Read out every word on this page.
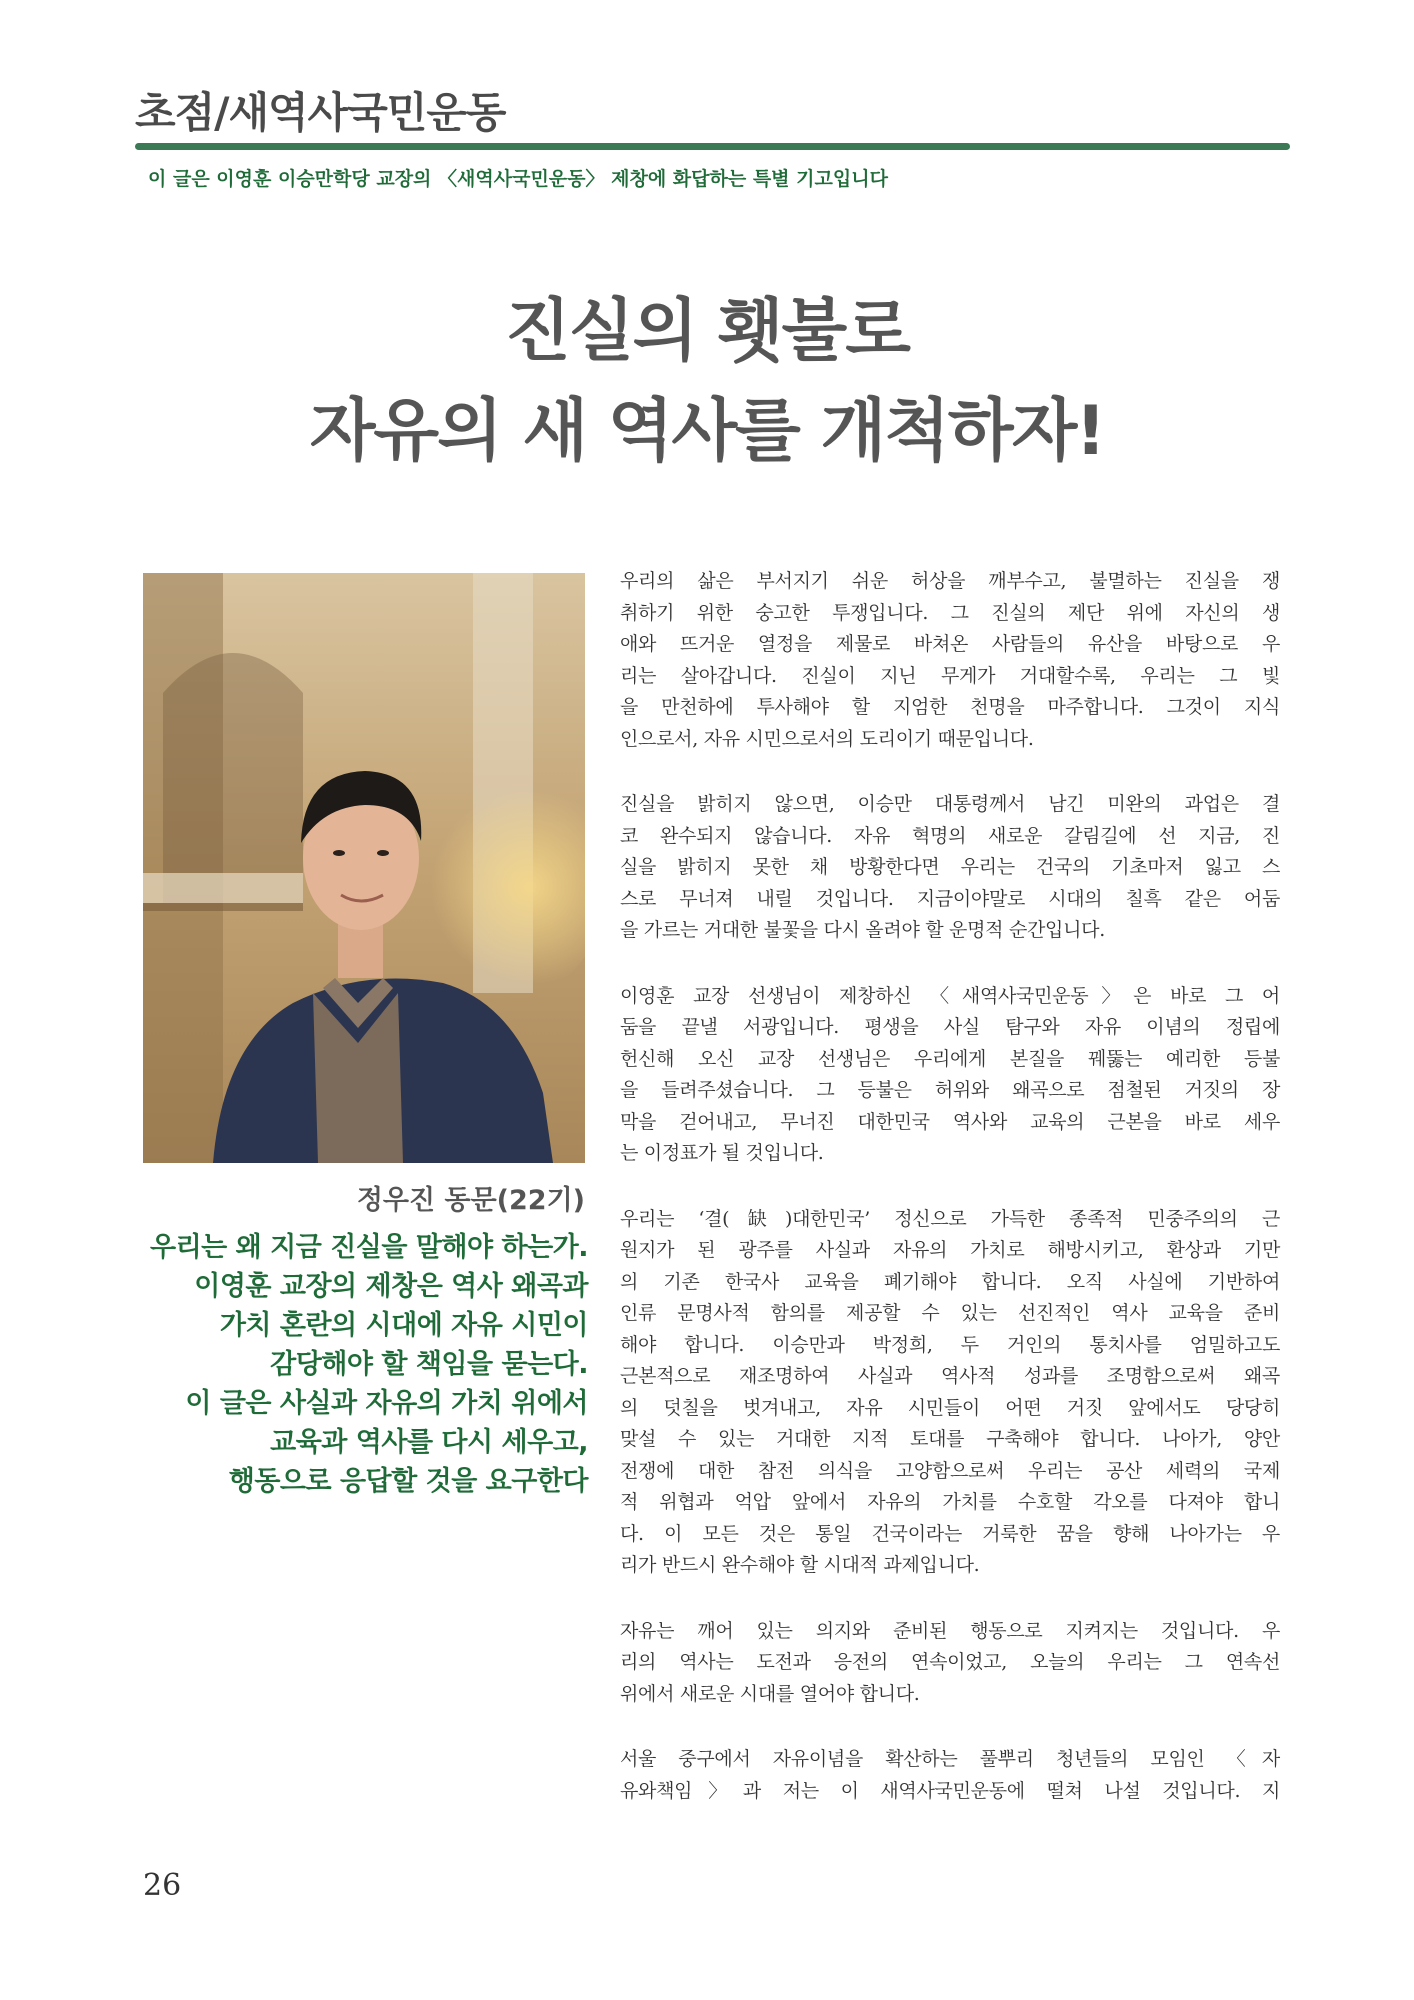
초점/새역사국민운동
이 글은 이영훈 이승만학당 교장의 〈새역사국민운동〉 제창에 화답하는 특별 기고입니다
진실의 횃불로
자유의 새 역사를 개척하자!
정우진 동문(22기)
우리는 왜 지금 진실을 말해야 하는가.
이영훈 교장의 제창은 역사 왜곡과
가치 혼란의 시대에 자유 시민이
감당해야 할 책임을 묻는다.
이 글은 사실과 자유의 가치 위에서
교육과 역사를 다시 세우고,
행동으로 응답할 것을 요구한다

우리의 삶은 부서지기 쉬운 허상을 깨부수고, 불멸하는 진실을 쟁
취하기 위한 숭고한 투쟁입니다. 그 진실의 제단 위에 자신의 생
애와 뜨거운 열정을 제물로 바쳐온 사람들의 유산을 바탕으로 우
리는 살아갑니다. 진실이 지닌 무게가 거대할수록, 우리는 그 빛
을 만천하에 투사해야 할 지엄한 천명을 마주합니다. 그것이 지식
인으로서, 자유 시민으로서의 도리이기 때문입니다.

진실을 밝히지 않으면, 이승만 대통령께서 남긴 미완의 과업은 결
코 완수되지 않습니다. 자유 혁명의 새로운 갈림길에 선 지금, 진
실을 밝히지 못한 채 방황한다면 우리는 건국의 기초마저 잃고 스
스로 무너져 내릴 것입니다. 지금이야말로 시대의 칠흑 같은 어둠
을 가르는 거대한 불꽃을 다시 올려야 할 운명적 순간입니다.

이영훈 교장 선생님이 제창하신 〈새역사국민운동〉은 바로 그 어
둠을 끝낼 서광입니다. 평생을 사실 탐구와 자유 이념의 정립에
헌신해 오신 교장 선생님은 우리에게 본질을 꿰뚫는 예리한 등불
을 들려주셨습니다. 그 등불은 허위와 왜곡으로 점철된 거짓의 장
막을 걷어내고, 무너진 대한민국 역사와 교육의 근본을 바로 세우
는 이정표가 될 것입니다.

우리는 ‘결(缺)대한민국’ 정신으로 가득한 종족적 민중주의의 근
원지가 된 광주를 사실과 자유의 가치로 해방시키고, 환상과 기만
의 기존 한국사 교육을 폐기해야 합니다. 오직 사실에 기반하여
인류 문명사적 함의를 제공할 수 있는 선진적인 역사 교육을 준비
해야 합니다. 이승만과 박정희, 두 거인의 통치사를 엄밀하고도
근본적으로 재조명하여 사실과 역사적 성과를 조명함으로써 왜곡
의 덧칠을 벗겨내고, 자유 시민들이 어떤 거짓 앞에서도 당당히
맞설 수 있는 거대한 지적 토대를 구축해야 합니다. 나아가, 양안
전쟁에 대한 참전 의식을 고양함으로써 우리는 공산 세력의 국제
적 위협과 억압 앞에서 자유의 가치를 수호할 각오를 다져야 합니
다. 이 모든 것은 통일 건국이라는 거룩한 꿈을 향해 나아가는 우
리가 반드시 완수해야 할 시대적 과제입니다.

자유는 깨어 있는 의지와 준비된 행동으로 지켜지는 것입니다. 우
리의 역사는 도전과 응전의 연속이었고, 오늘의 우리는 그 연속선
위에서 새로운 시대를 열어야 합니다.

서울 중구에서 자유이념을 확산하는 풀뿌리 청년들의 모임인 〈자
유와책임〉과 저는 이 새역사국민운동에 떨쳐 나설 것입니다. 지

26
